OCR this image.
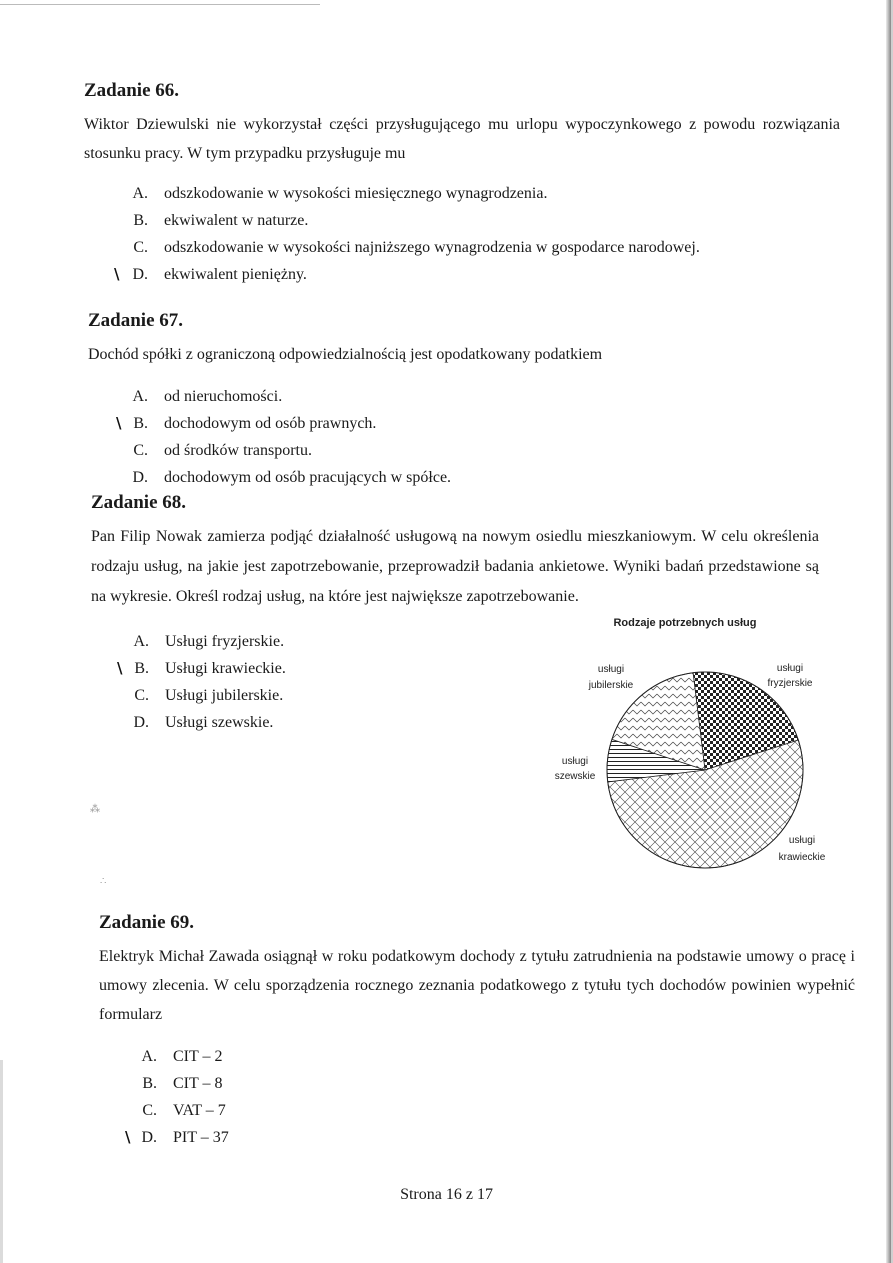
⁂
∴
Zadanie 66.

Wiktor Dziewulski nie wykorzystał części przysługującego mu urlopu wypoczynkowego z powodu rozwiązania stosunku pracy. W tym przypadku przysługuje mu

A. odszkodowanie w wysokości miesięcznego wynagrodzenia.
B. ekwiwalent w naturze.
C. odszkodowanie w wysokości najniższego wynagrodzenia w gospodarce narodowej.
\ D. ekwiwalent pieniężny.
Zadanie 67.

Dochód spółki z ograniczoną odpowiedzialnością jest opodatkowany podatkiem

A. od nieruchomości.
\ B. dochodowym od osób prawnych.
C. od środków transportu.
D. dochodowym od osób pracujących w spółce.
Zadanie 68.

Pan Filip Nowak zamierza podjąć działalność usługową na nowym osiedlu mieszkaniowym. W celu określenia rodzaju usług, na jakie jest zapotrzebowanie, przeprowadził badania ankietowe. Wyniki badań przedstawione są na wykresie. Określ rodzaj usług, na które jest największe zapotrzebowanie.

A. Usługi fryzjerskie.
\ B. Usługi krawieckie.
C. Usługi jubilerskie.
D. Usługi szewskie.
Rodzaje potrzebnych usług
usługi
fryzjerskie
usługi
krawieckie
usługi
szewskie
usługi
jubilerskie
Zadanie 69.

Elektryk Michał Zawada osiągnął w roku podatkowym dochody z tytułu zatrudnienia na podstawie umowy o pracę i umowy zlecenia. W celu sporządzenia rocznego zeznania podatkowego z tytułu tych dochodów powinien wypełnić formularz

A. CIT – 2
B. CIT – 8
C. VAT – 7
\ D. PIT – 37
Strona 16 z 17
